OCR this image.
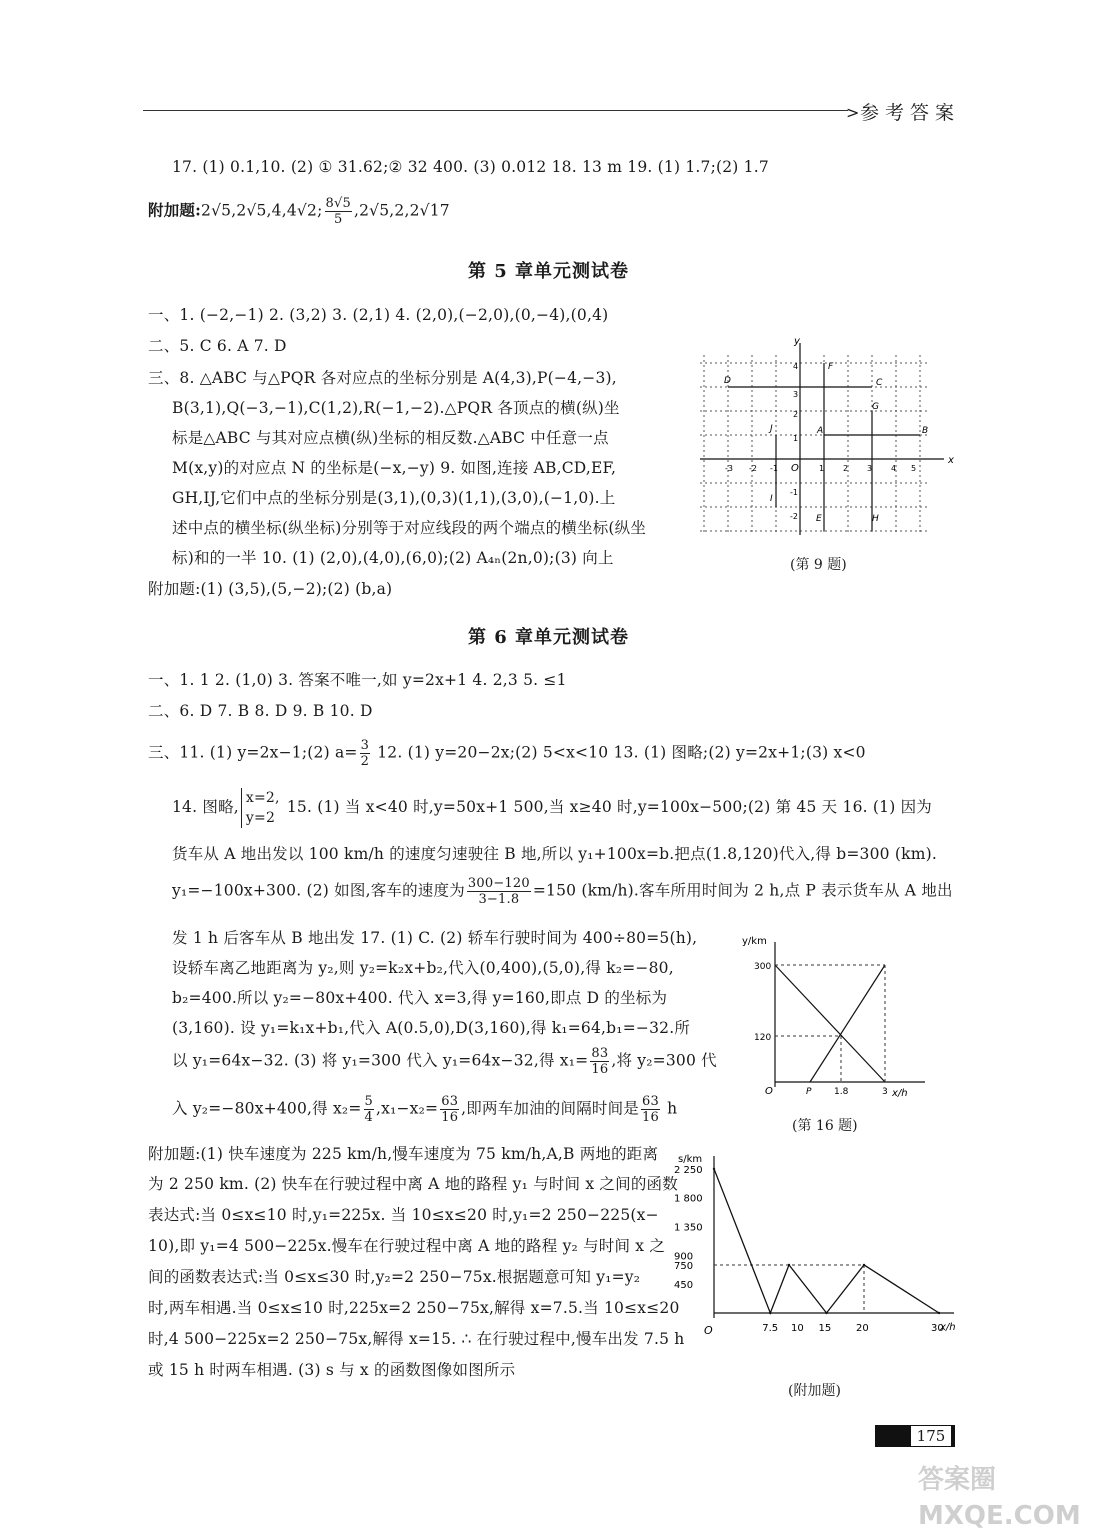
> 参考答案
17. (1) 0.1,10. (2) ① 31.62;② 32 400. (3) 0.012 18. 13 m 19. (1) 1.7;(2) 1.7
附加题:2√5,2√5,4,4√2; $\frac{8√5}{5} ,2√5,2,2√17$
第 5 章单元测试卷
一、1. (−2,−1) 2. (3,2) 3. (2,1) 4. (2,0),(−2,0),(0,−4),(0,4)
二、5. C 6. A 7. D
三、8. △ABC 与△PQR 各对应点的坐标分别是 A(4,3),P(−4,−3),
B(3,1),Q(−3,−1),C(1,2),R(−1,−2).△PQR 各顶点的横(纵)坐
标是△ABC 与其对应点横(纵)坐标的相反数.△ABC 中任意一点
M(x,y)的对应点 N 的坐标是(−x,−y) 9. 如图,连接 AB,CD,EF,
GH,IJ,它们中点的坐标分别是(3,1),(0,3)(1,1),(3,0),(−1,0).上
述中点的横坐标(纵坐标)分别等于对应线段的两个端点的横坐标(纵坐
标)和的一半 10. (1) (2,0),(4,0),(6,0);(2) A₄ₙ(2n,0);(3) 向上
附加题:(1) (3,5),(5,−2);(2) (b,a)
x
y
O
-3 -2 -1	1 2 3 4 5
4
3
2
1
-1
-2
D	C
F
G
A	B
J
I
E	H
(第 9 题)
第 6 章单元测试卷
一、1. 1 2. (1,0) 3. 答案不唯一,如 y=2x+1 4. 2,3 5. ≤1
二、6. D 7. B 8. D 9. B 10. D
三、11. (1) y=2x−1;(2) $a= \frac{3}{2} 12$. (1) y=20−2x;(2) 5<x<10 13. (1) 图略;(2) y=2x+1;(3) x<0
14. 图略, x=2,
y=2
15. (1) 当 x<40 时,y=50x+1 500,当 x≥40 时,y=100x−500;(2) 第 45 天 16. (1) 因为
货车从 A 地出发以 100 km/h 的速度匀速驶往 B 地,所以 y₁+100x=b.把点(1.8,120)代入,得 b=300 (km).
y₁=−100x+300. (2) 如图,客车的速度为 $\frac{300-120}{3-1.8} =150$ (km/h).客车所用时间为 2 h,点 P 表示货车从 A 地出
发 1 h 后客车从 B 地出发 17. (1) C. (2) 轿车行驶时间为 400÷80=5(h),
设轿车离乙地距离为 y₂,则 y₂=k₂x+b₂,代入(0,400),(5,0),得 k₂=−80,
b₂=400.所以 y₂=−80x+400. 代入 x=3,得 y=160,即点 D 的坐标为
(3,160). 设 y₁=k₁x+b₁,代入 A(0.5,0),D(3,160),得 k₁=64,b₁=−32.所
以 y₁=64x−32. (3) 将 y₁=300 代入 y₁=64x−32,得 $x_1= \frac{83}{16}$ ,将 y₂=300 代
入 y₂=−80x+400,得 $x_2= \frac{5}{4} ,x_1-x_2= \frac{63}{16}$ ,即两车加油的间隔时间是 $\frac{63}{16}$ h
y/km
x/h
O
300
120
P	1.8	3
(第 16 题)
附加题:(1) 快车速度为 225 km/h,慢车速度为 75 km/h,A,B 两地的距离
为 2 250 km. (2) 快车在行驶过程中离 A 地的路程 y₁ 与时间 x 之间的函数
表达式:当 0≤x≤10 时,y₁=225x. 当 10≤x≤20 时,y₁=2 250−225(x−
10),即 y₁=4 500−225x.慢车在行驶过程中离 A 地的路程 y₂ 与时间 x 之
间的函数表达式:当 0≤x≤30 时,y₂=2 250−75x.根据题意可知 y₁=y₂
时,两车相遇.当 0≤x≤10 时,225x=2 250−75x,解得 x=7.5.当 10≤x≤20
时,4 500−225x=2 250−75x,解得 x=15. ∴ 在行驶过程中,慢车出发 7.5 h
或 15 h 时两车相遇. (3) s 与 x 的函数图像如图所示
s/km
x/h
O	7.5 10 15 20	30
2 250
1 800
1 350
900
750
450
(附加题)
175
答案圈 MXQE.COM
